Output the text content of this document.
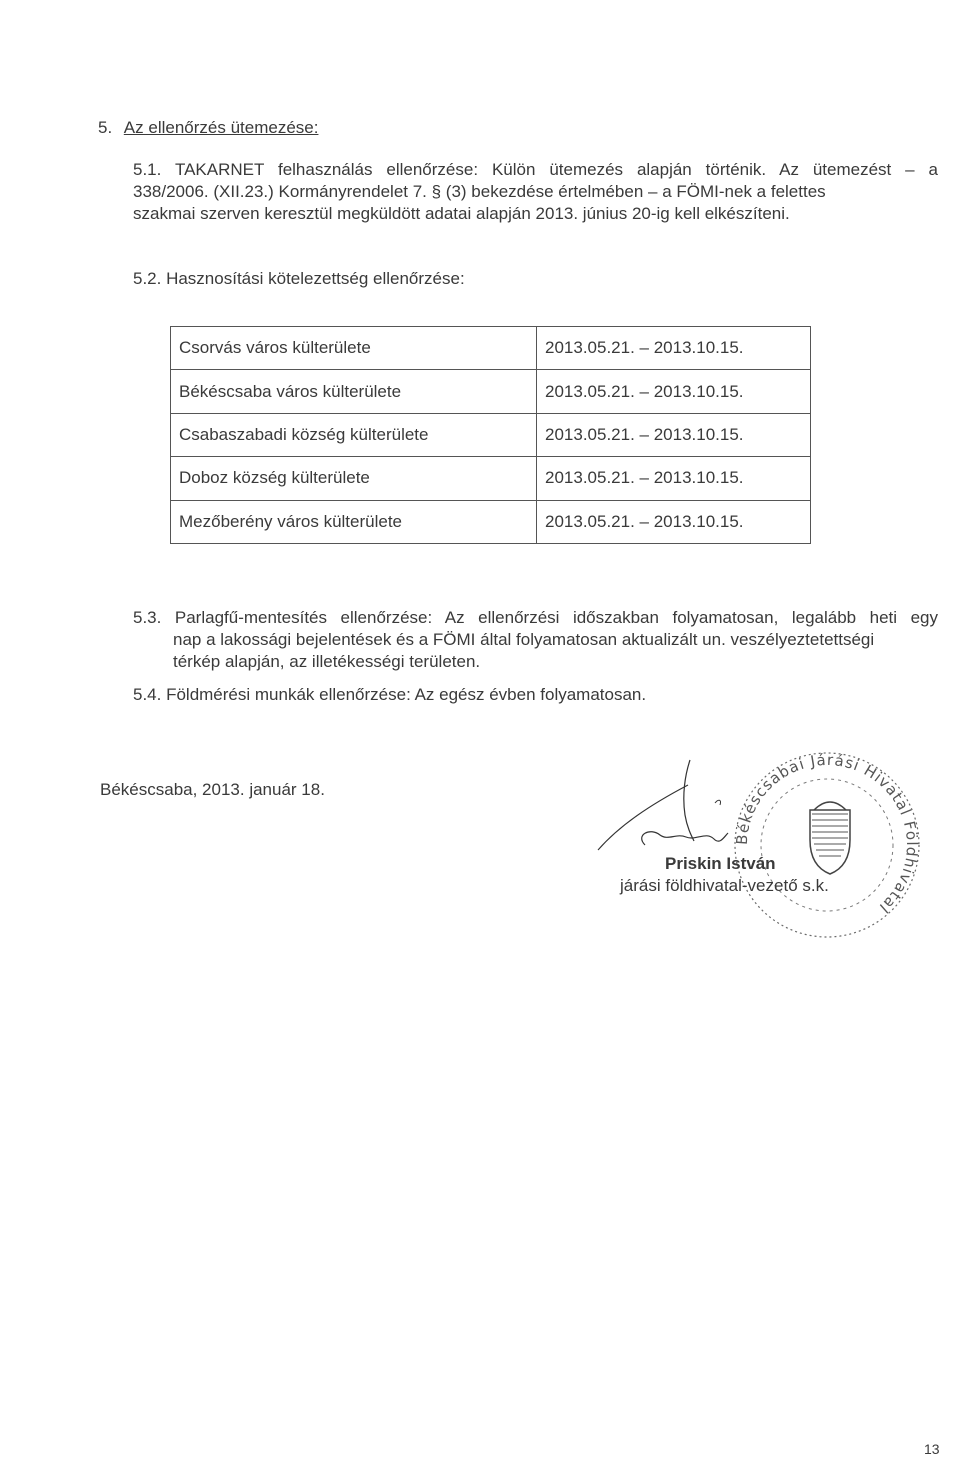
5. Az ellenőrzés ütemezése:
5.1. TAKARNET felhasználás ellenőrzése: Külön ütemezés alapján történik. Az ütemezést – a
338/2006. (XII.23.) Kormányrendelet 7. § (3) bekezdése értelmében – a FÖMI-nek a felettes
szakmai szerven keresztül megküldött adatai alapján 2013. június 20-ig kell elkészíteni.
5.2. Hasznosítási kötelezettség ellenőrzése:
Csorvás város külterülete	2013.05.21. – 2013.10.15.
Békéscsaba város külterülete	2013.05.21. – 2013.10.15.
Csabaszabadi község külterülete	2013.05.21. – 2013.10.15.
Doboz község külterülete	2013.05.21. – 2013.10.15.
Mezőberény város külterülete	2013.05.21. – 2013.10.15.
5.3. Parlagfű-mentesítés ellenőrzése: Az ellenőrzési időszakban folyamatosan, legalább heti egy
nap a lakossági bejelentések és a FÖMI által folyamatosan aktualizált un. veszélyeztetettségi
térkép alapján, az illetékességi területen.
5.4. Földmérési munkák ellenőrzése: Az egész évben folyamatosan.
Békéscsaba, 2013. január 18.
Békéscsabai Járási Hivatal Földhivatal
Priskin István
járási földhivatal-vezető s.k.
13
